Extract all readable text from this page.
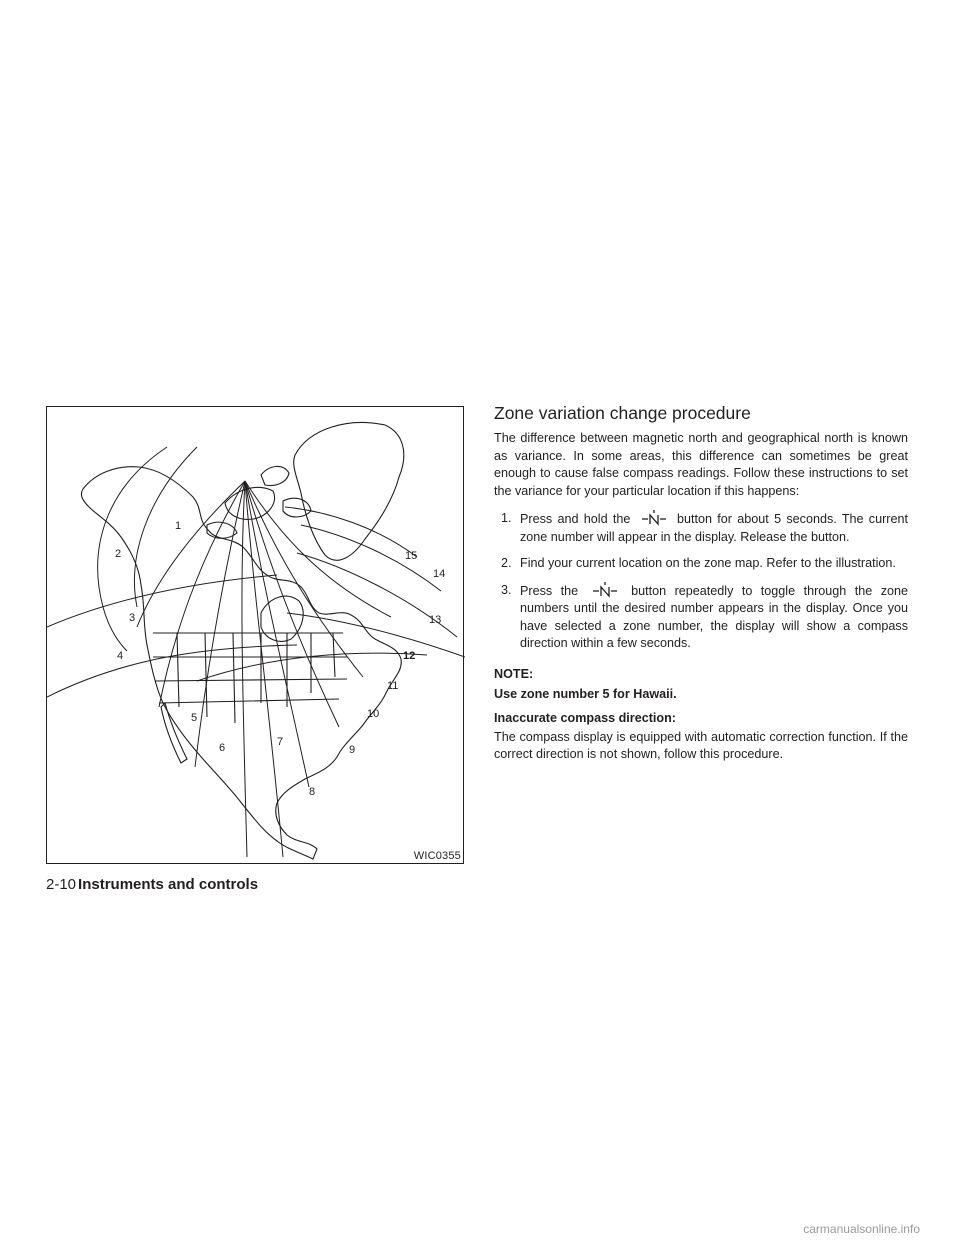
1
2
3
4
5
6	7
8
9
10
11
12
13
14
15
WIC0355
Zone variation change procedure

The difference between magnetic north and geographical north is known as variance. In some areas, this difference can sometimes be great enough to cause false compass readings. Follow these instructions to set the variance for your particular location if this happens:

1. Press and hold the	button for about 5 seconds. The current zone number will appear in the display. Release the button.
2. Find your current location on the zone map. Refer to the illustration.
3. Press the	button repeatedly to toggle through the zone numbers until the desired number appears in the display. Once you have selected a zone number, the display will show a compass direction within a few seconds.
NOTE:
Use zone number 5 for Hawaii.
Inaccurate compass direction:

The compass display is equipped with automatic correction function. If the correct direction is not shown, follow this procedure.

2-10 Instruments and controls
carmanualsonline.info
